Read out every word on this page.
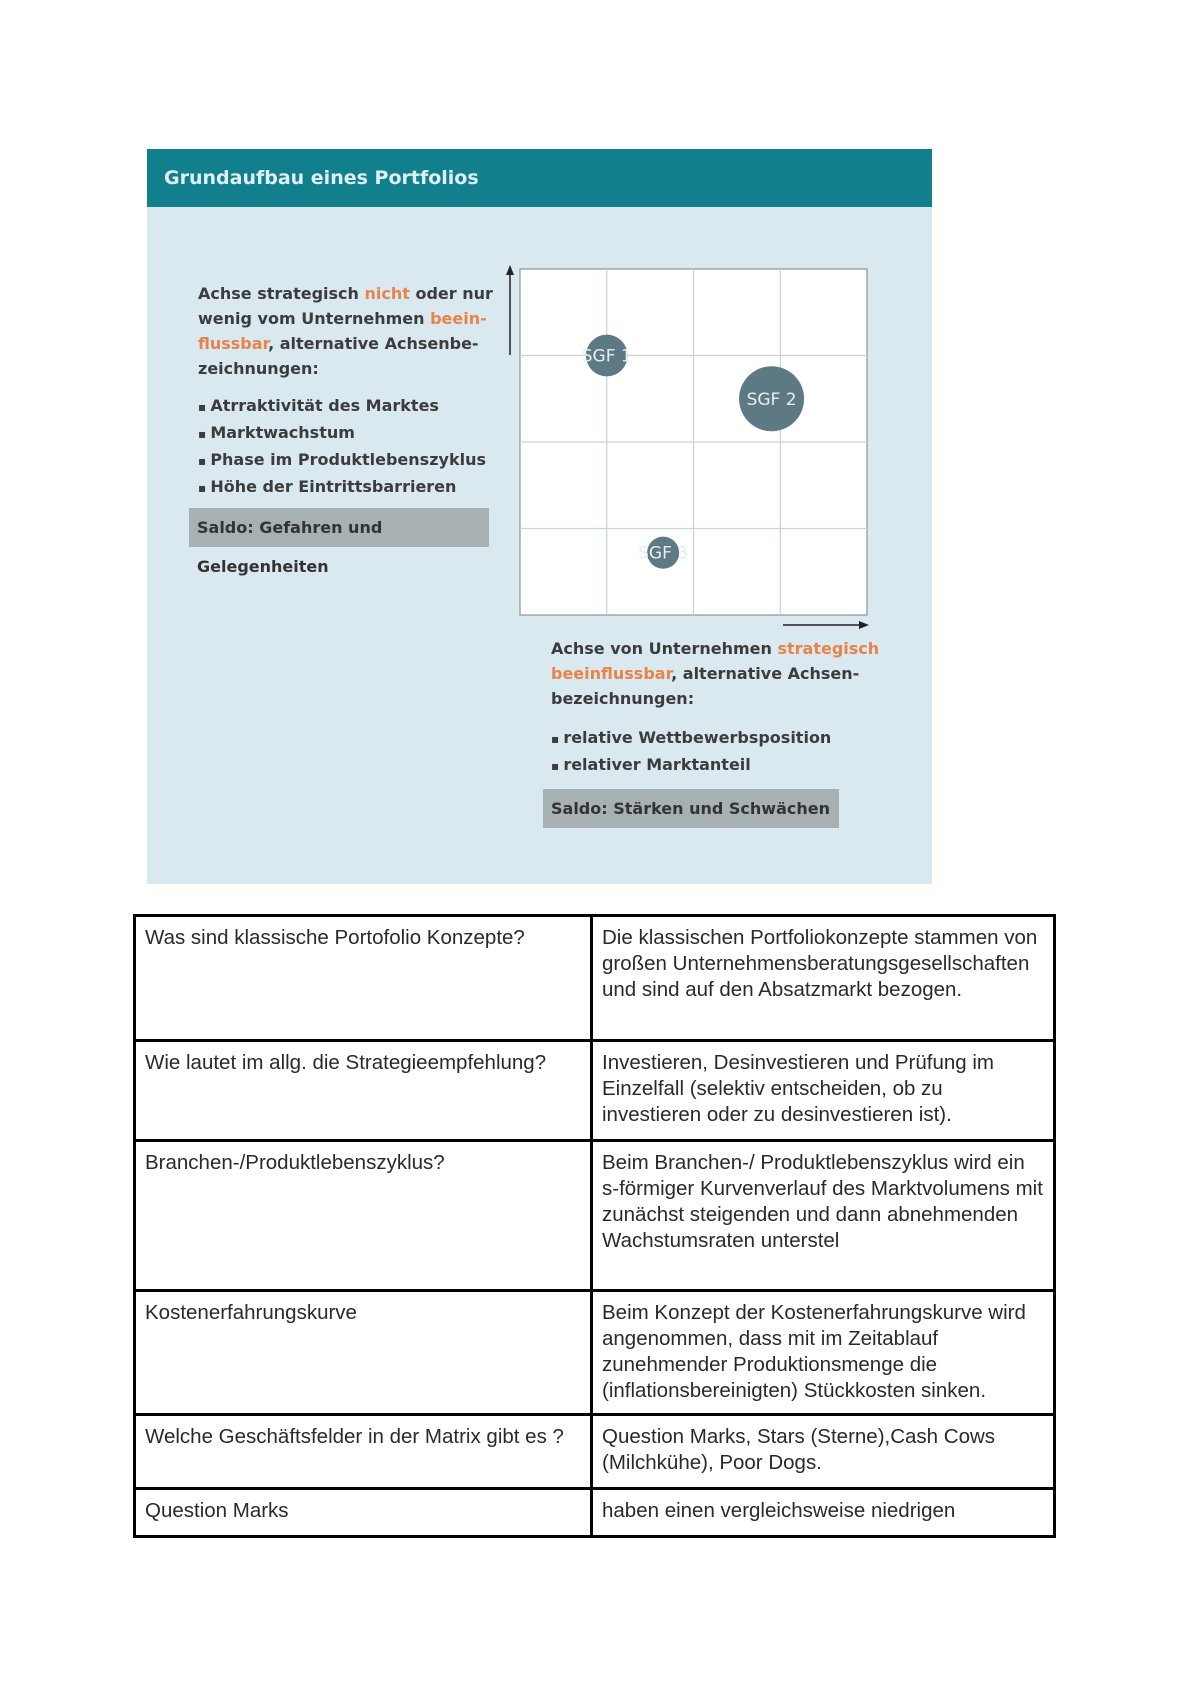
Grundaufbau eines Portfolios
Achse strategisch nicht oder nur wenig vom Unternehmen beein-flussbar, alternative Achsenbe-zeichnungen:
▪ Atrraktivität des Marktes
▪ Marktwachstum
▪ Phase im Produktlebenszyklus
▪ Höhe der Eintrittsbarrieren
Saldo: Gefahren und Gelegenheiten
SGF 1
SGF 2
SGF 3
Achse von Unternehmen strategisch beeinflussbar, alternative Achsen-bezeichnungen:
▪ relative Wettbewerbsposition
▪ relativer Marktanteil
Saldo: Stärken und Schwächen
Was sind klassische Portofolio Konzepte?	Die klassischen Portfoliokonzepte stammen von großen Unternehmensberatungsgesellschaften und sind auf den Absatzmarkt bezogen.
Wie lautet im allg. die Strategieempfehlung?	Investieren, Desinvestieren und Prüfung im Einzelfall (selektiv entscheiden, ob zu investieren oder zu desinvestieren ist).
Branchen-/Produktlebenszyklus?	Beim Branchen-/ Produktlebenszyklus wird ein s-förmiger Kurvenverlauf des Marktvolumens mit zunächst steigenden und dann abnehmenden Wachstumsraten unterstel
Kostenerfahrungskurve	Beim Konzept der Kostenerfahrungskurve wird angenommen, dass mit im Zeitablauf zunehmender Produktionsmenge die (inflationsbereinigten) Stückkosten sinken.
Welche Geschäftsfelder in der Matrix gibt es ?	Question Marks, Stars (Sterne),Cash Cows (Milchkühe), Poor Dogs.
Question Marks	haben einen vergleichsweise niedrigen
